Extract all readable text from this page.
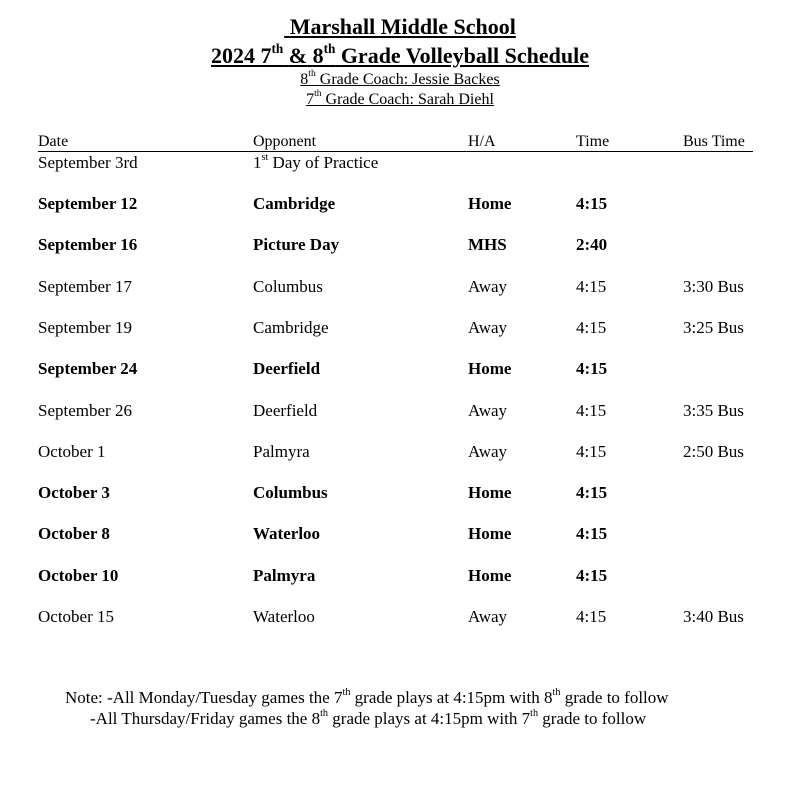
Marshall Middle School
2024 7th & 8th Grade Volleyball Schedule
8th Grade Coach: Jessie Backes
7th Grade Coach: Sarah Diehl
Date	Opponent	H/A	Time	Bus Time
September 3rd	1st Day of Practice
September 12	Cambridge	Home	4:15
September 16	Picture Day	MHS	2:40
September 17	Columbus	Away	4:15	3:30 Bus
September 19	Cambridge	Away	4:15	3:25 Bus
September 24	Deerfield	Home	4:15
September 26	Deerfield	Away	4:15	3:35 Bus
October 1	Palmyra	Away	4:15	2:50 Bus
October 3	Columbus	Home	4:15
October 8	Waterloo	Home	4:15
October 10	Palmyra	Home	4:15
October 15	Waterloo	Away	4:15	3:40 Bus
Note: -All Monday/Tuesday games the 7th grade plays at 4:15pm with 8th grade to follow
-All Thursday/Friday games the 8th grade plays at 4:15pm with 7th grade to follow
